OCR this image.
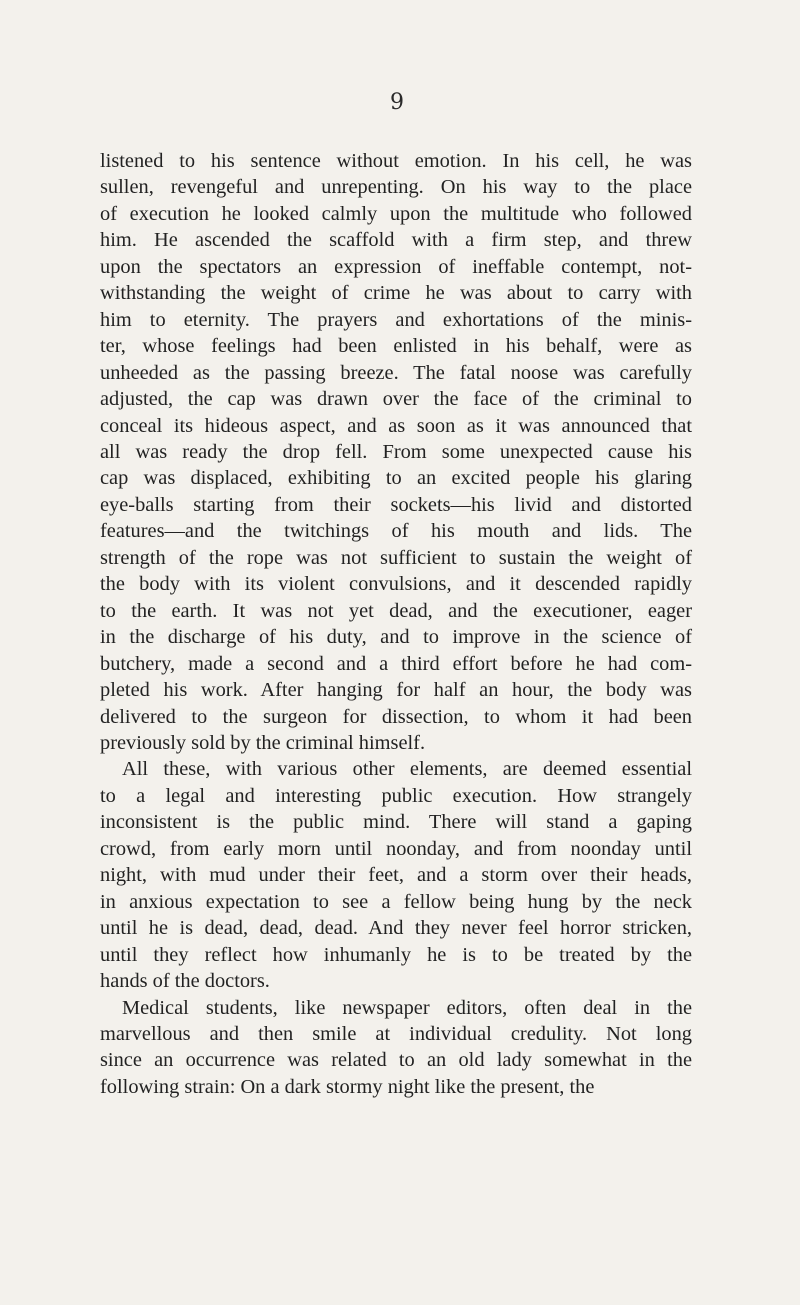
9
listened to his sentence without emotion. In his cell, he was
sullen, revengeful and unrepenting. On his way to the place
of execution he looked calmly upon the multitude who followed
him. He ascended the scaffold with a firm step, and threw
upon the spectators an expression of ineffable contempt, not-
withstanding the weight of crime he was about to carry with
him to eternity. The prayers and exhortations of the minis-
ter, whose feelings had been enlisted in his behalf, were as
unheeded as the passing breeze. The fatal noose was carefully
adjusted, the cap was drawn over the face of the criminal to
conceal its hideous aspect, and as soon as it was announced that
all was ready the drop fell. From some unexpected cause his
cap was displaced, exhibiting to an excited people his glaring
eye-balls starting from their sockets—his livid and distorted
features—and the twitchings of his mouth and lids. The
strength of the rope was not sufficient to sustain the weight of
the body with its violent convulsions, and it descended rapidly
to the earth. It was not yet dead, and the executioner, eager
in the discharge of his duty, and to improve in the science of
butchery, made a second and a third effort before he had com-
pleted his work. After hanging for half an hour, the body was
delivered to the surgeon for dissection, to whom it had been
previously sold by the criminal himself.
All these, with various other elements, are deemed essential
to a legal and interesting public execution. How strangely
inconsistent is the public mind. There will stand a gaping
crowd, from early morn until noonday, and from noonday until
night, with mud under their feet, and a storm over their heads,
in anxious expectation to see a fellow being hung by the neck
until he is dead, dead, dead. And they never feel horror stricken,
until they reflect how inhumanly he is to be treated by the
hands of the doctors.
Medical students, like newspaper editors, often deal in the
marvellous and then smile at individual credulity. Not long
since an occurrence was related to an old lady somewhat in the
following strain: On a dark stormy night like the present, the
